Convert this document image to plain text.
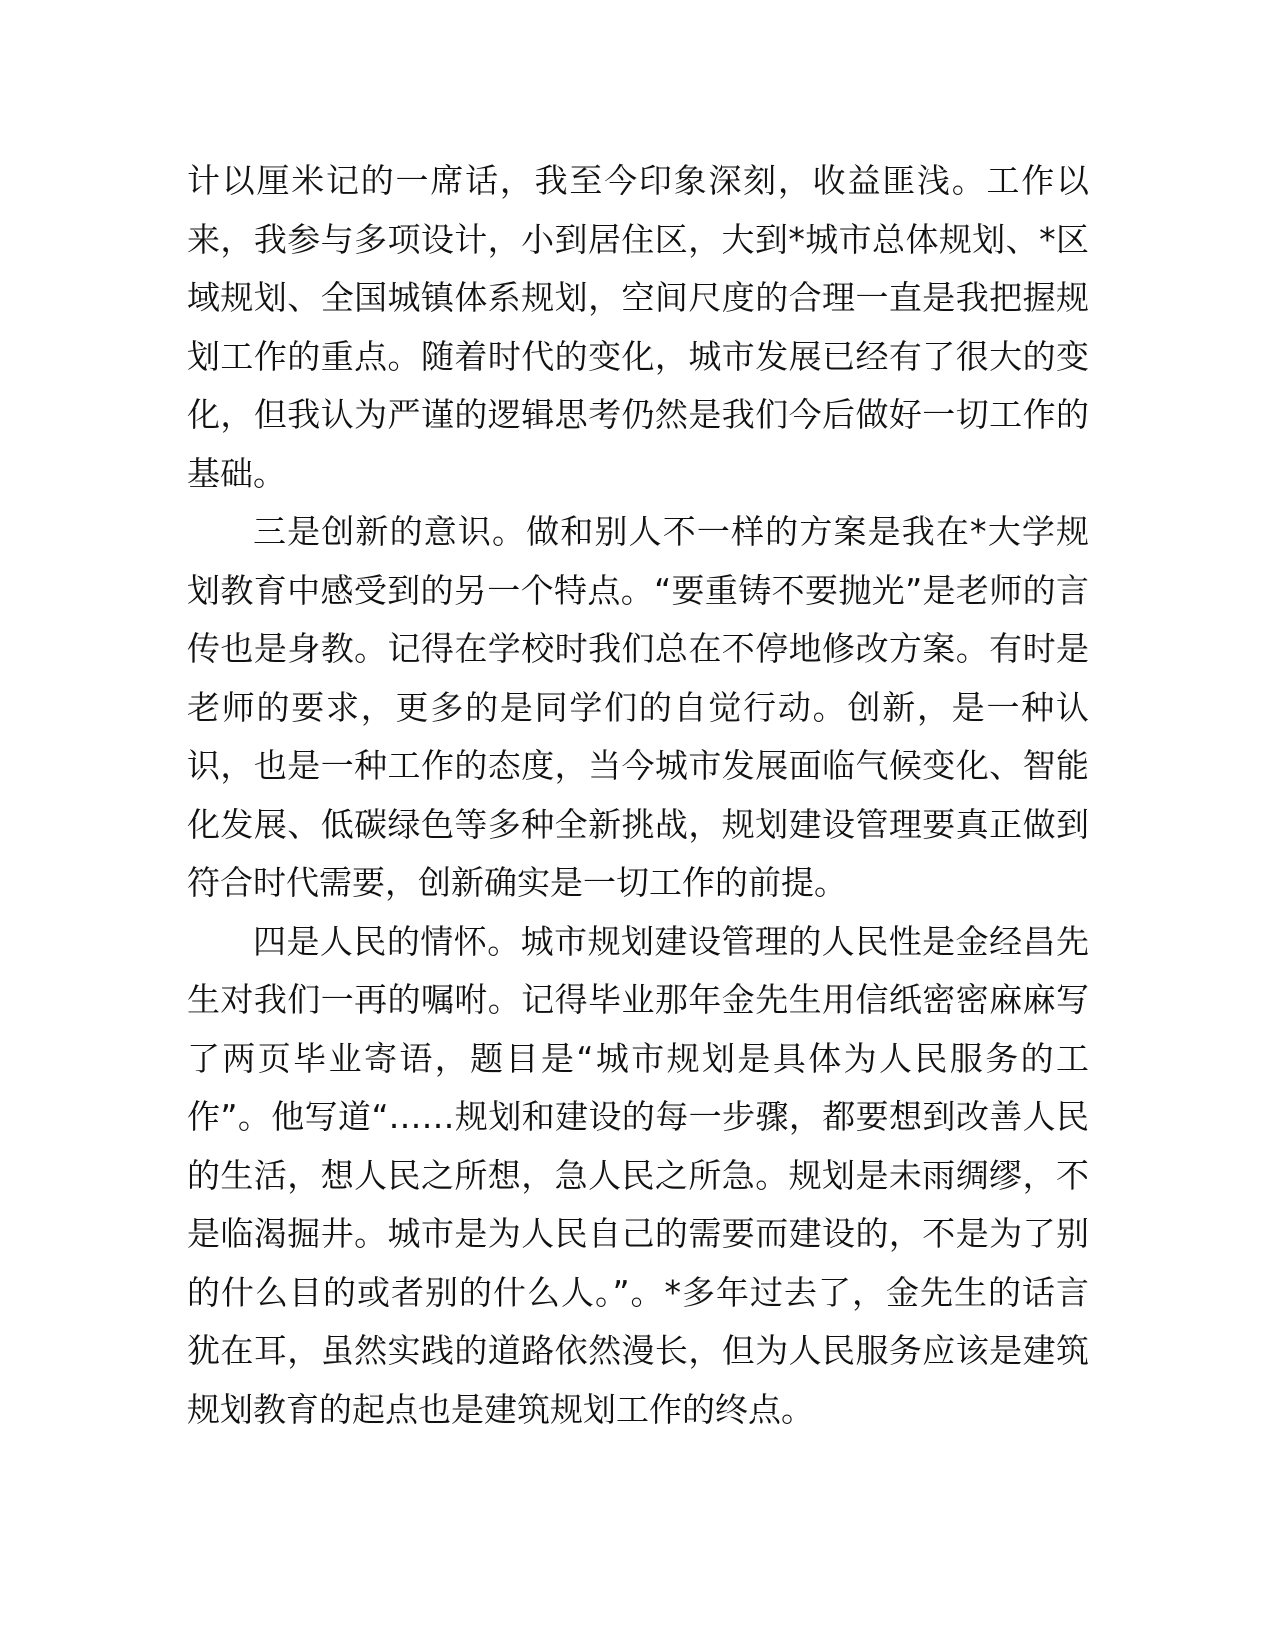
计以厘米记的一席话，我至今印象深刻，收益匪浅。工作以来，我参与多项设计，小到居住区，大到*城市总体规划、*区域规划、全国城镇体系规划，空间尺度的合理一直是我把握规划工作的重点。随着时代的变化，城市发展已经有了很大的变化，但我认为严谨的逻辑思考仍然是我们今后做好一切工作的基础。

三是创新的意识。做和别人不一样的方案是我在*大学规划教育中感受到的另一个特点。“要重铸不要抛光”是老师的言传也是身教。记得在学校时我们总在不停地修改方案。有时是老师的要求，更多的是同学们的自觉行动。创新，是一种认识，也是一种工作的态度，当今城市发展面临气候变化、智能化发展、低碳绿色等多种全新挑战，规划建设管理要真正做到符合时代需要，创新确实是一切工作的前提。

四是人民的情怀。城市规划建设管理的人民性是金经昌先生对我们一再的嘱咐。记得毕业那年金先生用信纸密密麻麻写了两页毕业寄语，题目是“城市规划是具体为人民服务的工作”。他写道“……规划和建设的每一步骤，都要想到改善人民的生活，想人民之所想，急人民之所急。规划是未雨绸缪，不是临渴掘井。城市是为人民自己的需要而建设的，不是为了别的什么目的或者别的什么人。”。*多年过去了，金先生的话言犹在耳，虽然实践的道路依然漫长，但为人民服务应该是建筑规划教育的起点也是建筑规划工作的终点。
